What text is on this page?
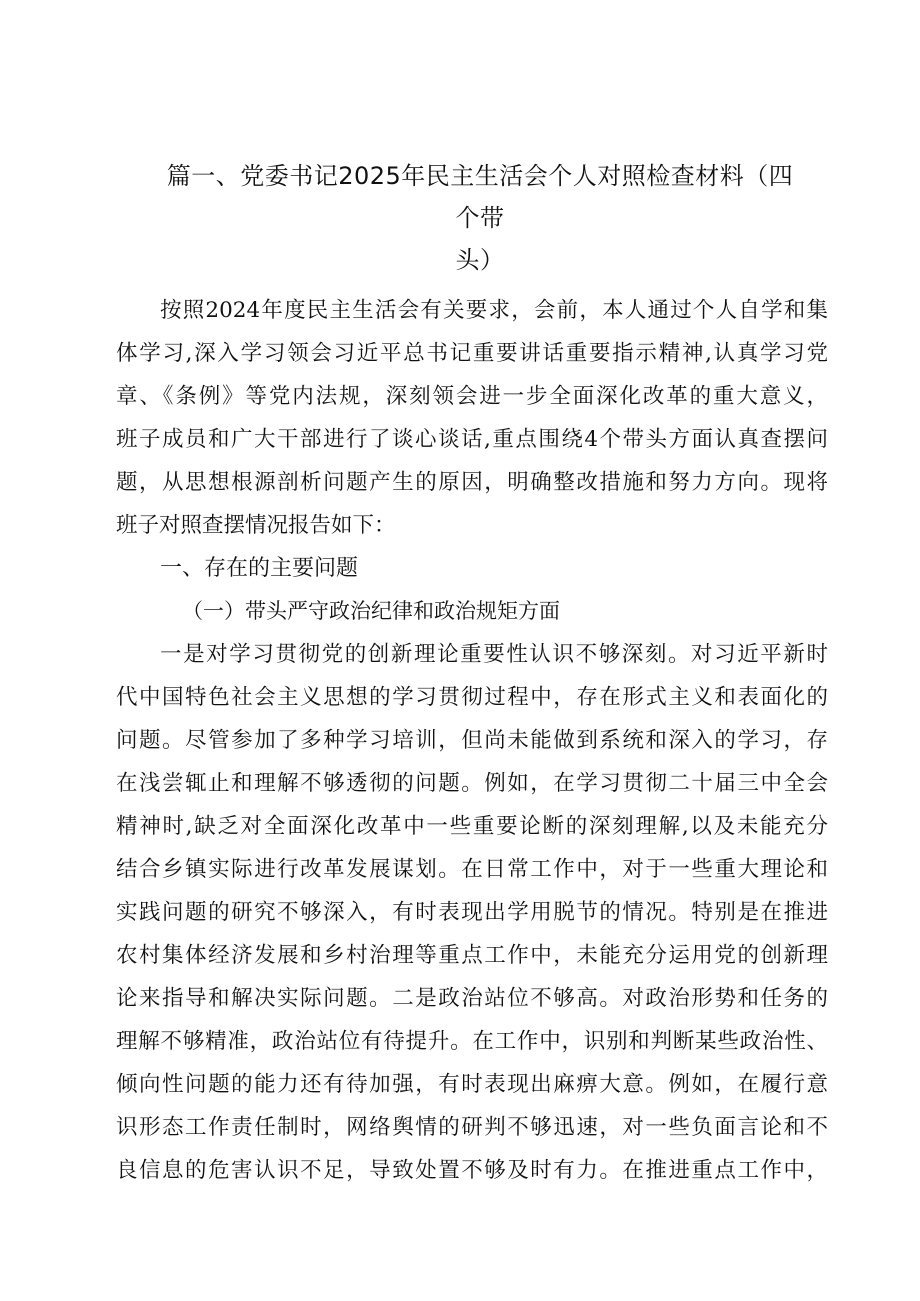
篇一、党委书记2025年民主生活会个人对照检查材料（四个带
头）
按照2024年度民主生活会有关要求，会前，本人通过个人自学和集
体学习,深入学习领会习近平总书记重要讲话重要指示精神,认真学习党
章、《条例》等党内法规，深刻领会进一步全面深化改革的重大意义，
班子成员和广大干部进行了谈心谈话,重点围绕4个带头方面认真查摆问
题，从思想根源剖析问题产生的原因，明确整改措施和努力方向。现将
班子对照查摆情况报告如下：
一、存在的主要问题
（一）带头严守政治纪律和政治规矩方面
一是对学习贯彻党的创新理论重要性认识不够深刻。对习近平新时
代中国特色社会主义思想的学习贯彻过程中，存在形式主义和表面化的
问题。尽管参加了多种学习培训，但尚未能做到系统和深入的学习，存
在浅尝辄止和理解不够透彻的问题。例如，在学习贯彻二十届三中全会
精神时,缺乏对全面深化改革中一些重要论断的深刻理解,以及未能充分
结合乡镇实际进行改革发展谋划。在日常工作中，对于一些重大理论和
实践问题的研究不够深入，有时表现出学用脱节的情况。特别是在推进
农村集体经济发展和乡村治理等重点工作中，未能充分运用党的创新理
论来指导和解决实际问题。二是政治站位不够高。对政治形势和任务的
理解不够精准，政治站位有待提升。在工作中，识别和判断某些政治性、
倾向性问题的能力还有待加强，有时表现出麻痹大意。例如，在履行意
识形态工作责任制时，网络舆情的研判不够迅速，对一些负面言论和不
良信息的危害认识不足，导致处置不够及时有力。在推进重点工作中，
